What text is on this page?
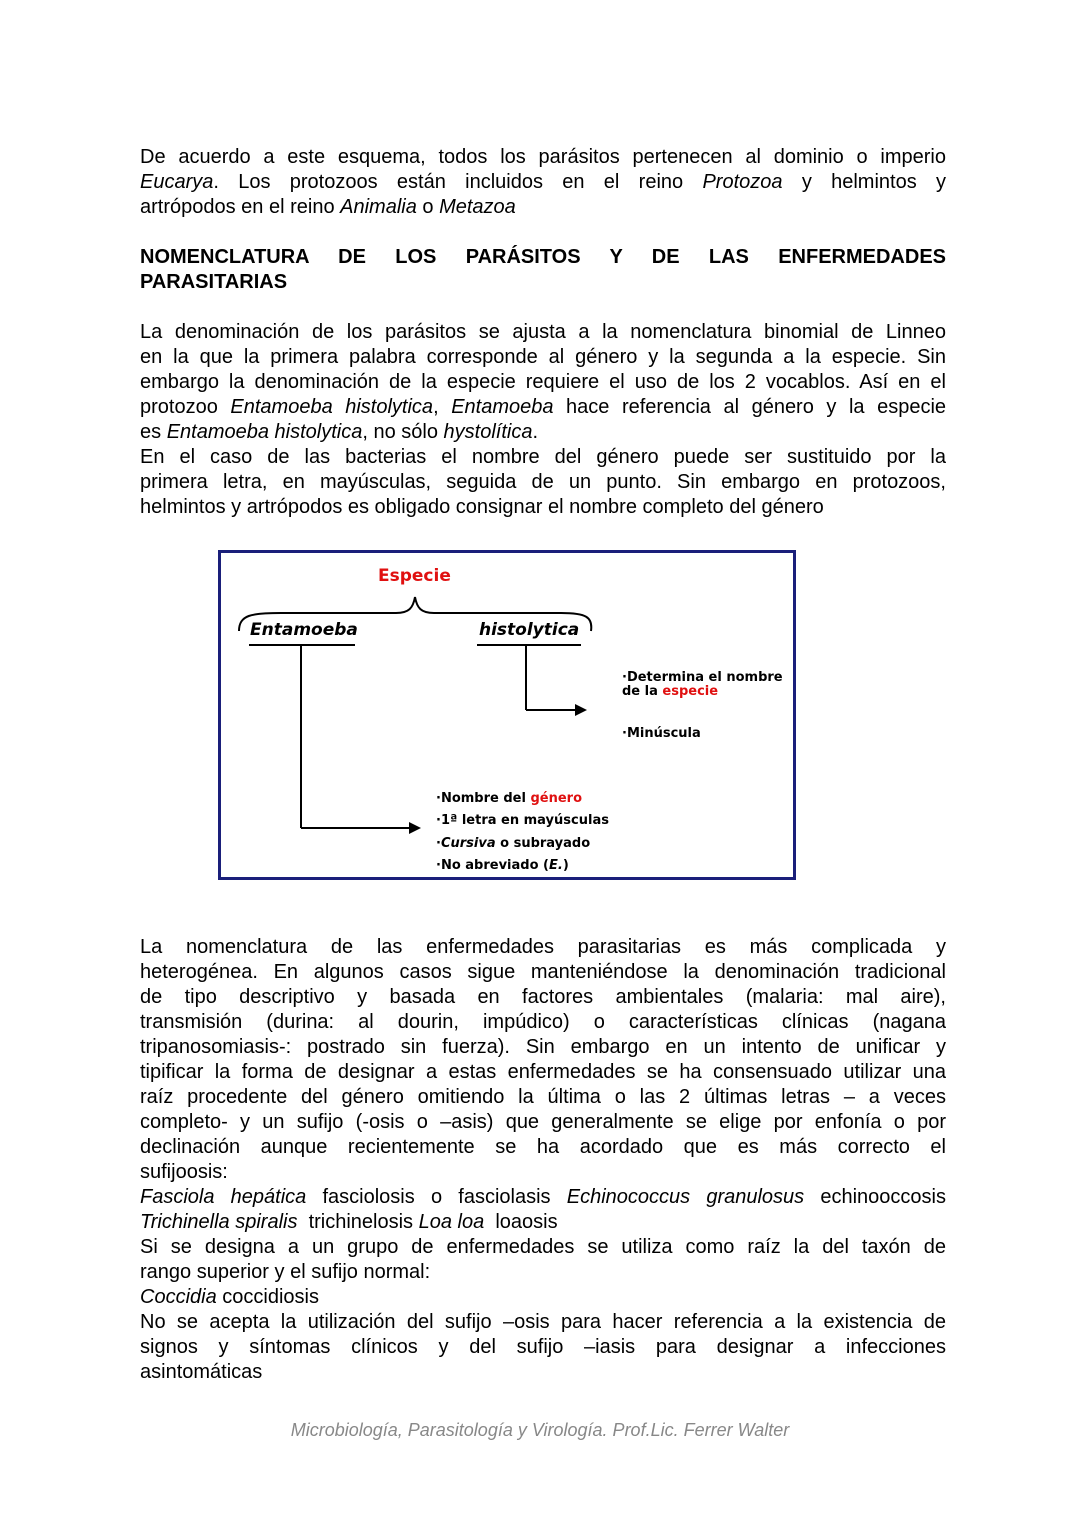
De acuerdo a este esquema, todos los parásitos pertenecen al dominio o imperio
Eucarya. Los protozoos están incluidos en el reino Protozoa y helmintos y
artrópodos en el reino Animalia o Metazoa
NOMENCLATURA DE LOS PARÁSITOS Y DE LAS ENFERMEDADES
PARASITARIAS
La denominación de los parásitos se ajusta a la nomenclatura binomial de Linneo
en la que la primera palabra corresponde al género y la segunda a la especie. Sin
embargo la denominación de la especie requiere el uso de los 2 vocablos. Así en el
protozoo Entamoeba histolytica, Entamoeba hace referencia al género y la especie
es Entamoeba histolytica, no sólo hystolítica.
En el caso de las bacterias el nombre del género puede ser sustituido por la
primera letra, en mayúsculas, seguida de un punto. Sin embargo en protozoos,
helmintos y artrópodos es obligado consignar el nombre completo del género
Especie
Entamoeba	histolytica
·Determina el nombre
de la especie
·Minúscula
·Nombre del género
·1ª letra en mayúsculas
·Cursiva o subrayado
·No abreviado (E.)
La nomenclatura de las enfermedades parasitarias es más complicada y
heterogénea. En algunos casos sigue manteniéndose la denominación tradicional
de tipo descriptivo y basada en factores ambientales (malaria: mal aire),
transmisión (durina: al dourin, impúdico) o características clínicas (nagana
tripanosomiasis-: postrado sin fuerza). Sin embargo en un intento de unificar y
tipificar la forma de designar a estas enfermedades se ha consensuado utilizar una
raíz procedente del género omitiendo la última o las 2 últimas letras – a veces
completo- y un sufijo (-osis o –asis) que generalmente se elige por enfonía o por
declinación aunque recientemente se ha acordado que es más correcto el
sufijoosis:
Fasciola hepática fasciolosis o fasciolasis Echinococcus granulosus echinooccosis
Trichinella spiralis  trichinelosis Loa loa  loaosis
Si se designa a un grupo de enfermedades se utiliza como raíz la del taxón de
rango superior y el sufijo normal:
Coccidia coccidiosis
No se acepta la utilización del sufijo –osis para hacer referencia a la existencia de
signos y síntomas clínicos y del sufijo –iasis para designar a infecciones
asintomáticas
Microbiología, Parasitología y Virología. Prof.Lic. Ferrer Walter
